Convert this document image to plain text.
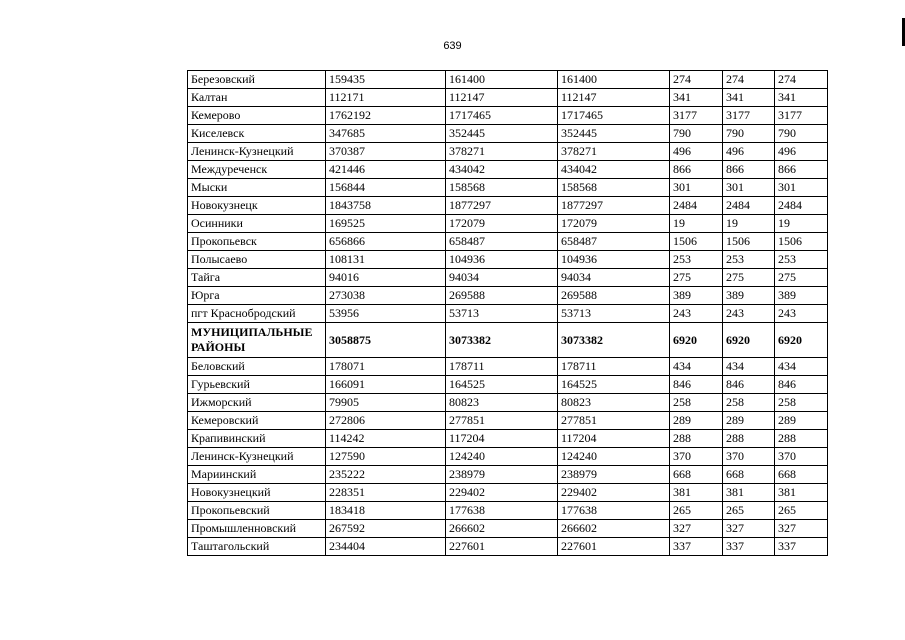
639
Березовский	159435	161400	161400	274	274	274
Калтан	112171	112147	112147	341	341	341
Кемерово	1762192	1717465	1717465	3177	3177	3177
Киселевск	347685	352445	352445	790	790	790
Ленинск-Кузнецкий	370387	378271	378271	496	496	496
Междуреченск	421446	434042	434042	866	866	866
Мыски	156844	158568	158568	301	301	301
Новокузнецк	1843758	1877297	1877297	2484	2484	2484
Осинники	169525	172079	172079	19	19	19
Прокопьевск	656866	658487	658487	1506	1506	1506
Полысаево	108131	104936	104936	253	253	253
Тайга	94016	94034	94034	275	275	275
Юрга	273038	269588	269588	389	389	389
пгт Краснобродский	53956	53713	53713	243	243	243
МУНИЦИПАЛЬНЫЕ РАЙОНЫ	3058875	3073382	3073382	6920	6920	6920
Беловский	178071	178711	178711	434	434	434
Гурьевский	166091	164525	164525	846	846	846
Ижморский	79905	80823	80823	258	258	258
Кемеровский	272806	277851	277851	289	289	289
Крапивинский	114242	117204	117204	288	288	288
Ленинск-Кузнецкий	127590	124240	124240	370	370	370
Мариинский	235222	238979	238979	668	668	668
Новокузнецкий	228351	229402	229402	381	381	381
Прокопьевский	183418	177638	177638	265	265	265
Промышленновский	267592	266602	266602	327	327	327
Таштагольский	234404	227601	227601	337	337	337
